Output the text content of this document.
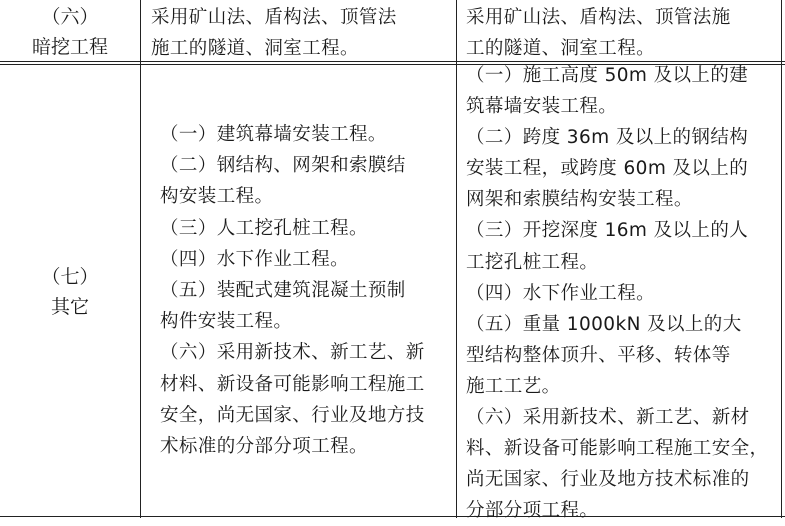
（六）
暗挖工程
采用矿山法、盾构法、顶管法
施工的隧道、洞室工程。
采用矿山法、盾构法、顶管法施
工的隧道、洞室工程。
（七）
其它
（一）建筑幕墙安装工程。
（二）钢结构、网架和索膜结
构安装工程。
（三）人工挖孔桩工程。
（四）水下作业工程。
（五）装配式建筑混凝土预制
构件安装工程。
（六）采用新技术、新工艺、新
材料、新设备可能影响工程施工
安全，尚无国家、行业及地方技
术标准的分部分项工程。
（一）施工高度 50m 及以上的建
筑幕墙安装工程。
（二）跨度 36m 及以上的钢结构
安装工程，或跨度 60m 及以上的
网架和索膜结构安装工程。
（三）开挖深度 16m 及以上的人
工挖孔桩工程。
（四）水下作业工程。
（五）重量 1000kN 及以上的大
型结构整体顶升、平移、转体等
施工工艺。
（六）采用新技术、新工艺、新材
料、新设备可能影响工程施工安全，
尚无国家、行业及地方技术标准的
分部分项工程。
